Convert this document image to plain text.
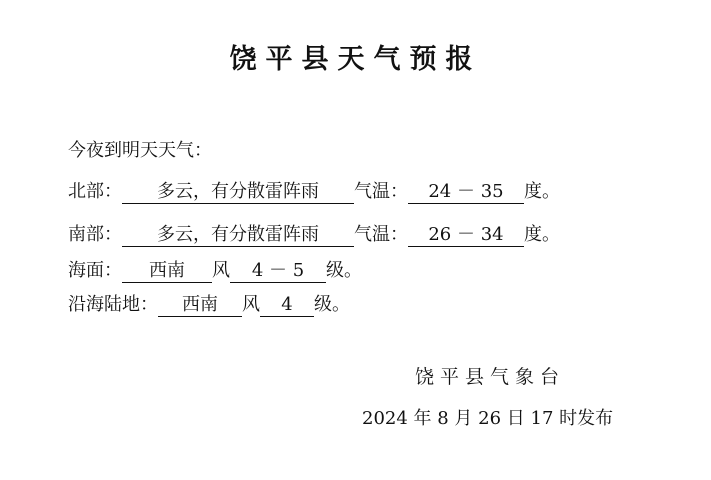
饶平县天气预报
今夜到明天天气：
北部： 多云，有分散雷阵雨 气温： 24 － 35 度。
南部： 多云，有分散雷阵雨 气温： 26 － 34 度。
海面： 西南 风 4 － 5 级。
沿海陆地： 西南 风 4 级。
饶平县气象台
2024 年 8 月 26 日 17 时发布
